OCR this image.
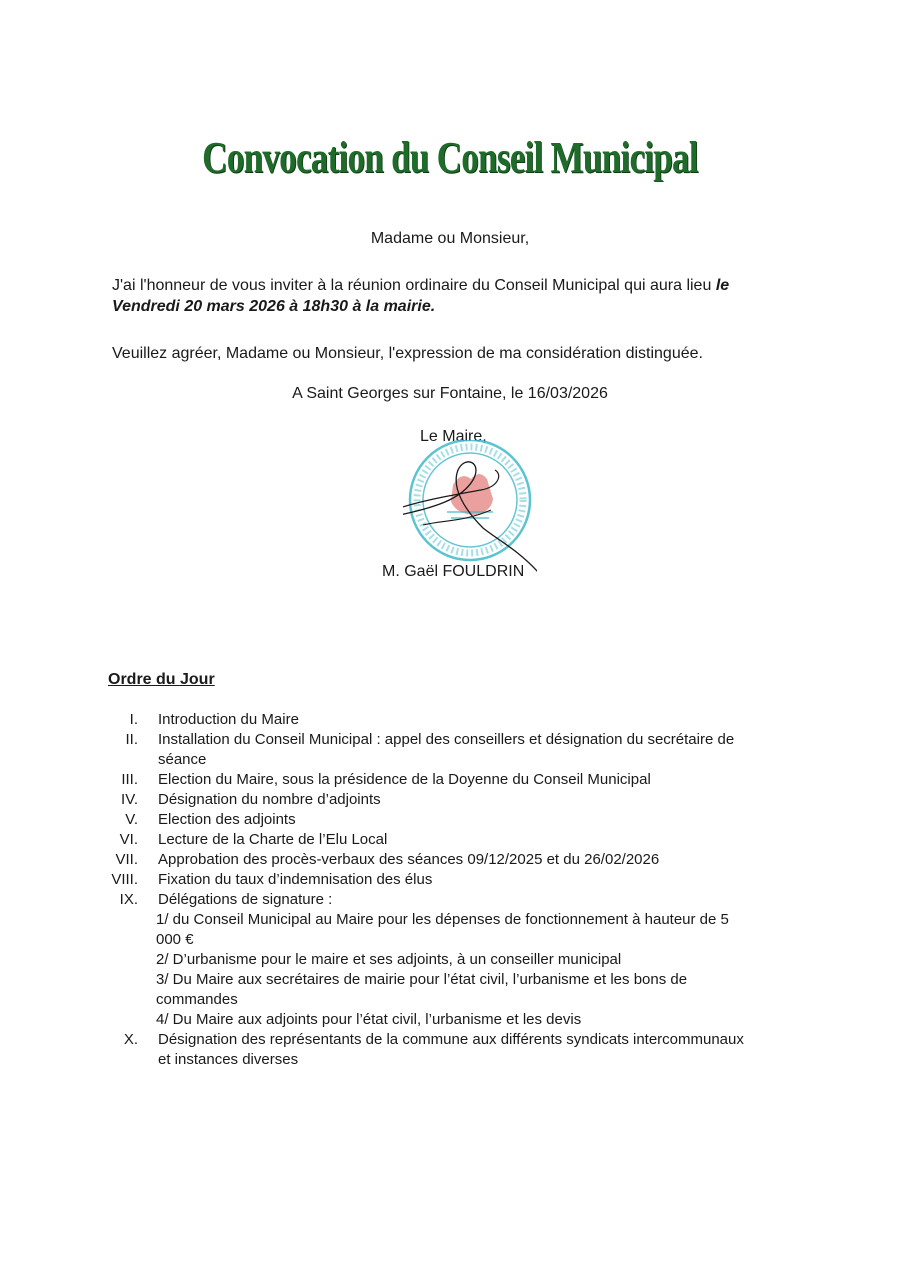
Convocation du Conseil Municipal
Madame ou Monsieur,
J'ai l'honneur de vous inviter à la réunion ordinaire du Conseil Municipal qui aura lieu le Vendredi 20 mars 2026 à 18h30 à la mairie.
Veuillez agréer, Madame ou Monsieur, l'expression de ma considération distinguée.
A Saint Georges sur Fontaine, le 16/03/2026
Le Maire,
M. Gaël FOULDRIN
Ordre du Jour
I. Introduction du Maire
II. Installation du Conseil Municipal : appel des conseillers et désignation du secrétaire de séance
III. Election du Maire, sous la présidence de la Doyenne du Conseil Municipal
IV. Désignation du nombre d’adjoints
V. Election des adjoints
VI. Lecture de la Charte de l’Elu Local
VII. Approbation des procès-verbaux des séances 09/12/2025 et du 26/02/2026
VIII. Fixation du taux d’indemnisation des élus
IX. Délégations de signature :
1/ du Conseil Municipal au Maire pour les dépenses de fonctionnement à hauteur de 5 000 €
2/ D’urbanisme pour le maire et ses adjoints, à un conseiller municipal
3/ Du Maire aux secrétaires de mairie pour l’état civil, l’urbanisme et les bons de commandes
4/ Du Maire aux adjoints pour l’état civil, l’urbanisme et les devis
X. Désignation des représentants de la commune aux différents syndicats intercommunaux et instances diverses
